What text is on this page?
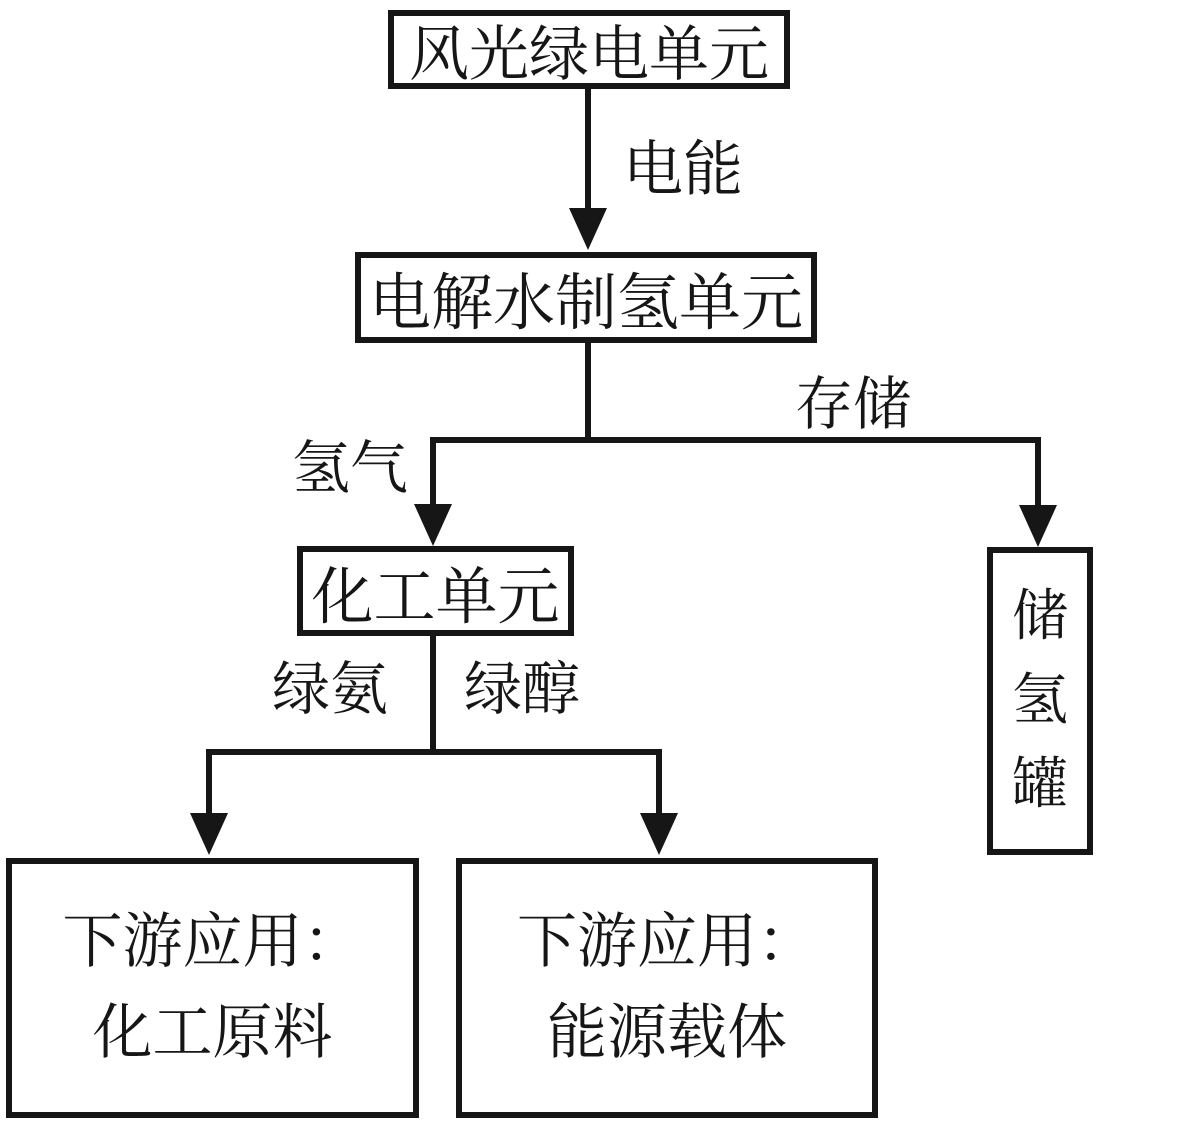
电能
氢气
存储
绿氨 绿醇
风光绿电单元
电解水制氢单元
化工单元	储氢罐
下游应用：
化工原料
下游应用：
能源载体
